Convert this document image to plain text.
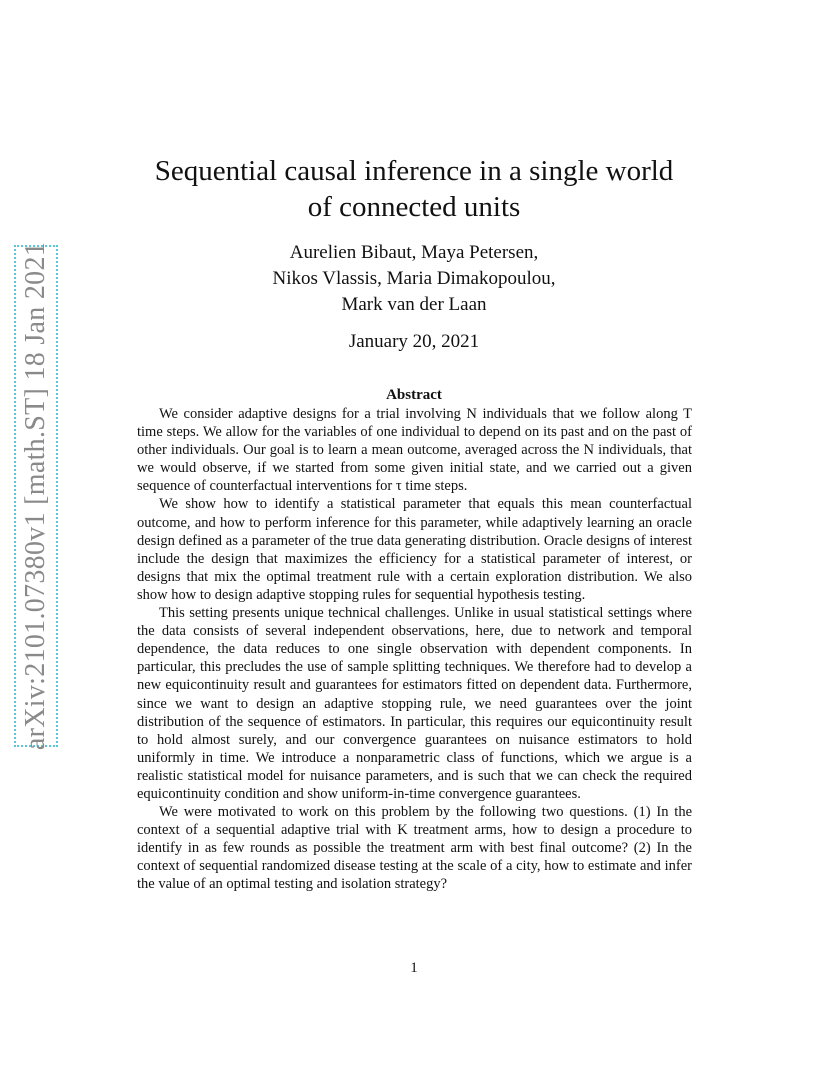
arXiv:2101.07380v1 [math.ST] 18 Jan 2021
Sequential causal inference in a single world of connected units
Aurelien Bibaut, Maya Petersen,
Nikos Vlassis, Maria Dimakopoulou,
Mark van der Laan
January 20, 2021
Abstract

We consider adaptive designs for a trial involving N individuals that we follow along T time steps. We allow for the variables of one individual to depend on its past and on the past of other individuals. Our goal is to learn a mean outcome, averaged across the N individuals, that we would observe, if we started from some given initial state, and we carried out a given sequence of counterfactual interventions for τ time steps.

We show how to identify a statistical parameter that equals this mean counterfactual outcome, and how to perform inference for this parameter, while adaptively learning an oracle design defined as a parameter of the true data generating distribution. Oracle designs of interest include the design that maximizes the efficiency for a statistical parameter of interest, or designs that mix the optimal treatment rule with a certain exploration distribution. We also show how to design adaptive stopping rules for sequential hypothesis testing.

This setting presents unique technical challenges. Unlike in usual statistical settings where the data consists of several independent observations, here, due to network and temporal dependence, the data reduces to one single observation with dependent components. In particular, this precludes the use of sample splitting techniques. We therefore had to develop a new equicontinuity result and guarantees for estimators fitted on dependent data. Furthermore, since we want to design an adaptive stopping rule, we need guarantees over the joint distribution of the sequence of estimators. In particular, this requires our equicontinuity result to hold almost surely, and our convergence guarantees on nuisance estimators to hold uniformly in time. We introduce a nonparametric class of functions, which we argue is a realistic statistical model for nuisance parameters, and is such that we can check the required equicontinuity condition and show uniform-in-time convergence guarantees.

We were motivated to work on this problem by the following two questions. (1) In the context of a sequential adaptive trial with K treatment arms, how to design a procedure to identify in as few rounds as possible the treatment arm with best final outcome? (2) In the context of sequential randomized disease testing at the scale of a city, how to estimate and infer the value of an optimal testing and isolation strategy?

1
